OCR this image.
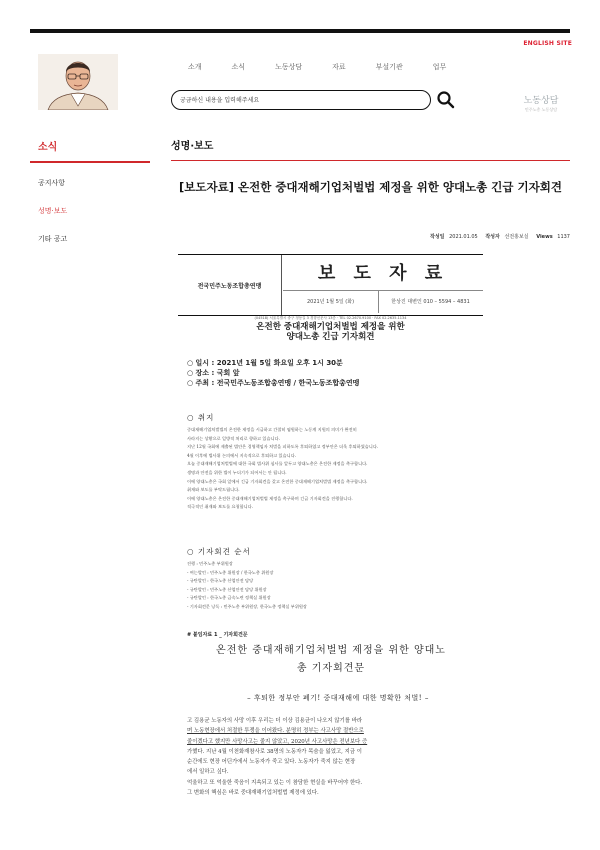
ENGLISH SITE
소개	소식	노동상담	자료	부설기관	업무
궁금하신 내용을 입력해주세요	노동상담
민주노총 노동상담
소식
공지사항
성명·보도
기타 공고
성명·보도
[보도자료] 온전한 중대재해기업처벌법 제정을 위한 양대노총 긴급 기자회견
작성일 2021.01.05 작성자 선전홍보실 Views 1137
전국민주노동조합총연맹
보 도 자 료
2021년 1월 5일 (화)	한상진 대변인 010 – 5594 – 4831
(04518) 서울특별시 중구 정동길 3 경향신문사 13층 · TEL 02.2670.9100 · FAX 02.2635.1134
온전한 중대재해기업처벌법 제정을 위한
양대노총 긴급 기자회견
○ 일시 : 2021년 1월 5일 화요일 오후 1시 30분
○ 장소 : 국회 앞
○ 주최 : 전국민주노동조합총연맹 / 한국노동조합총연맹
○ 취지
중대재해기업처벌법의 온전한 제정을 시급하고 간절히 염원하는 노동계 지원의 의미가 완전히
사라지는 상황으로 일방적 처리로 향하고 있습니다.
지난 12월 국회에 제출된 법안은 경영책임자 처벌을 피하도록 후퇴하였고 정부안은 더욱 후퇴하였습니다.
4월 이후에 법사위 논의에서 지속적으로 후퇴하고 있습니다.
오늘 중대재해기업처벌법에 대한 국회 법사위 심사를 앞두고 양대노총은 온전한 제정을 촉구합니다.
생명과 안전을 위한 법이 누더기가 되어서는 안 됩니다.
이에 양대노총은 국회 앞에서 긴급 기자회견을 갖고 온전한 중대재해기업처벌법 제정을 촉구합니다.
취재와 보도를 부탁드립니다.
이에 양대노총은 온전한 중대재해기업처벌법 제정을 촉구하며 긴급 기자회견을 진행합니다.
적극적인 취재와 보도를 요청합니다.
○ 기자회견 순서
진행 : 민주노총 부위원장
- 여는발언 : 민주노총 위원장 / 한국노총 위원장
- 규탄발언 : 한국노총 산업안전 담당
- 규탄발언 : 민주노총 산업안전 담당 위원장
- 규탄발언 : 한국노총 금속노련 정책실 위원장
- 기자회견문 낭독 : 민주노총 부위원장, 한국노총 정책실 부위원장
# 붙임자료 1 _ 기자회견문
온전한 중대재해기업처벌법 제정을 위한 양대노
총 기자회견문
– 후퇴한 정부안 폐기! 중대재해에 대한 명확한 처벌! –
고 김용균 노동자의 사망 이후 우리는 더 이상 김용균이 나오지 않기를 바라
며 노동현장에서 처절한 투쟁을 이어왔다. 분명히 정부는 사고사망 절반으로
줄이겠다고 했지만 사망사고는 줄지 않았고, 2020년 사고사망은 전년보다 증
가했다. 지난 4월 이천화재참사로 38명의 노동자가 목숨을 잃었고, 지금 이
순간에도 현장 어딘가에서 노동자가 죽고 있다. 노동자가 죽지 않는 현장
에서 일하고 싶다.
억울하고 또 억울한 죽음이 지속되고 있는 이 참담한 현실을 바꾸어야 한다.
그 변화의 핵심은 바로 중대재해기업처벌법 제정에 있다.
